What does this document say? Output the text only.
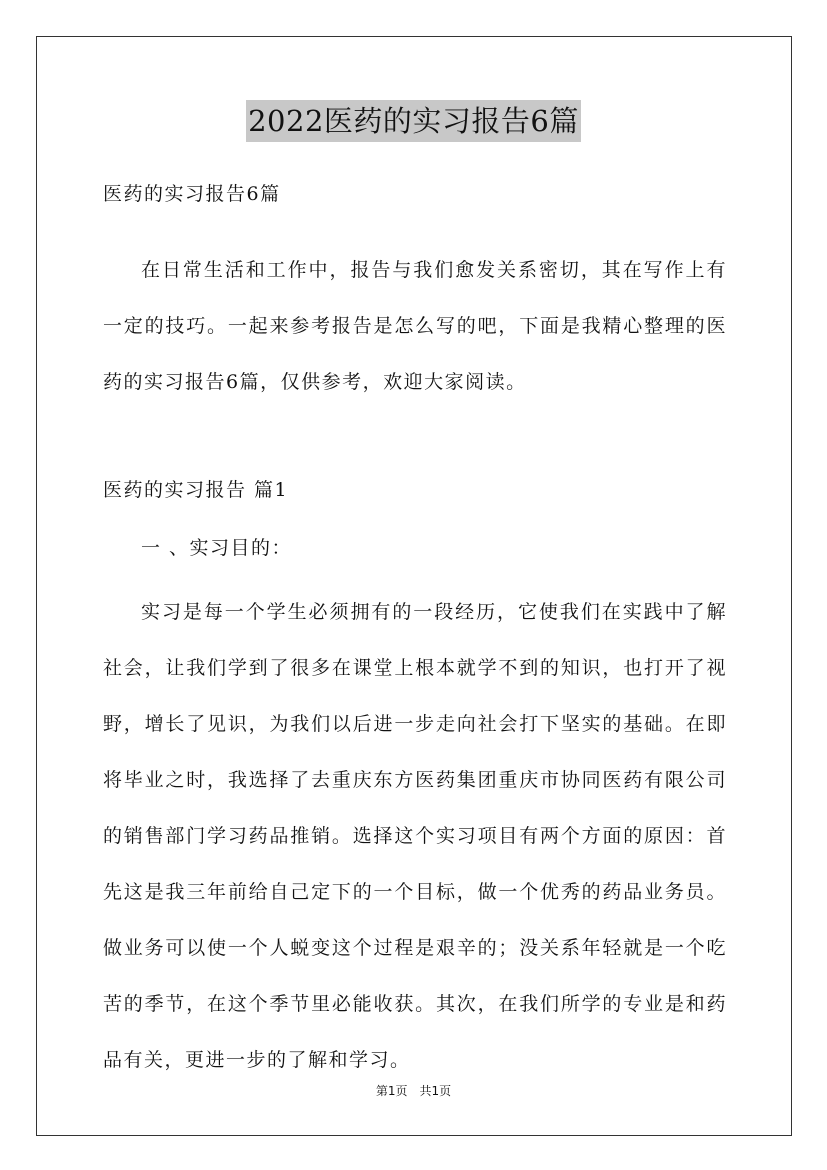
2022医药的实习报告6篇
医药的实习报告6篇

在日常生活和工作中，报告与我们愈发关系密切，其在写作上有一定的技巧。一起来参考报告是怎么写的吧，下面是我精心整理的医药的实习报告6篇，仅供参考，欢迎大家阅读。

医药的实习报告 篇1
一 、实习目的：

实习是每一个学生必须拥有的一段经历，它使我们在实践中了解社会，让我们学到了很多在课堂上根本就学不到的知识，也打开了视野，增长了见识，为我们以后进一步走向社会打下坚实的基础。在即将毕业之时，我选择了去重庆东方医药集团重庆市协同医药有限公司的销售部门学习药品推销。选择这个实习项目有两个方面的原因：首先这是我三年前给自己定下的一个目标，做一个优秀的药品业务员。做业务可以使一个人蜕变这个过程是艰辛的；没关系年轻就是一个吃苦的季节，在这个季节里必能收获。其次，在我们所学的专业是和药品有关，更进一步的了解和学习。

第1页　共1页
